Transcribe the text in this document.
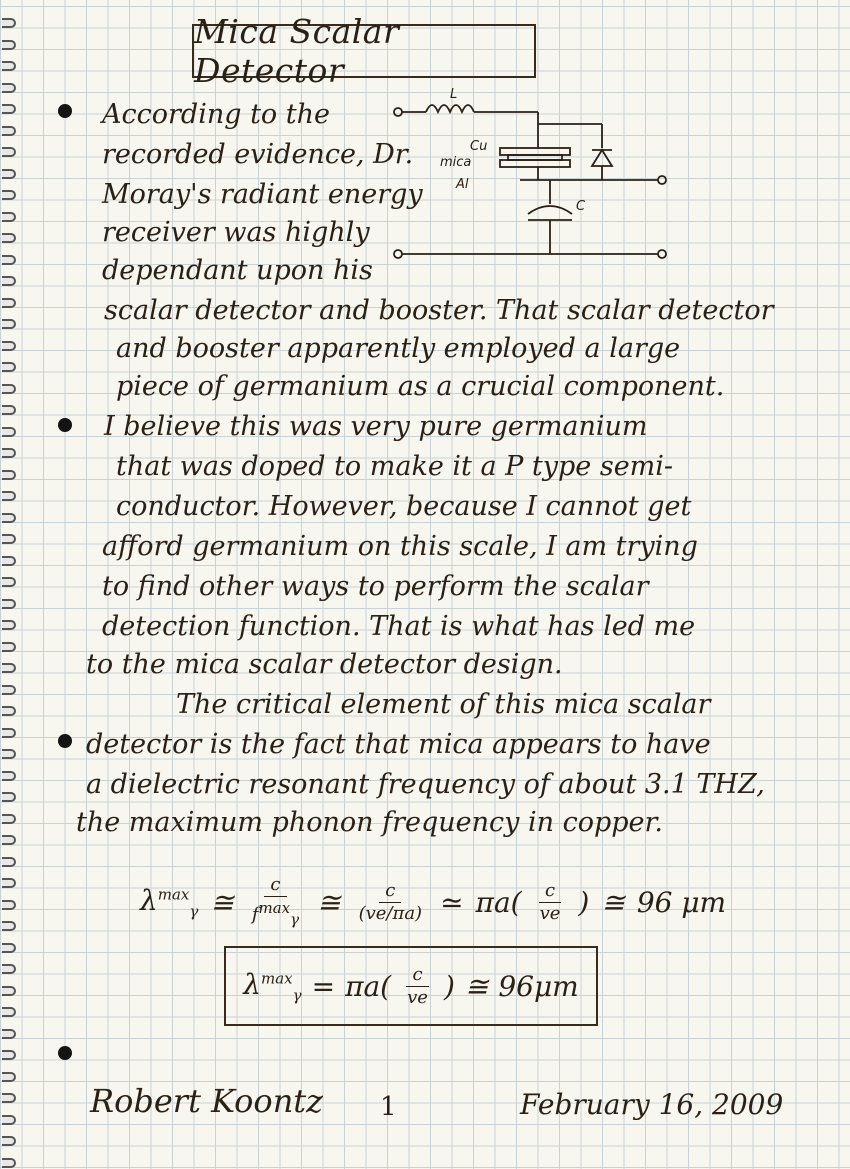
Mica Scalar Detector
According to the
recorded evidence, Dr.
Moray's radiant energy
receiver was highly
dependant upon his
scalar detector and booster. That scalar detector
and booster apparently employed a large
piece of germanium as a crucial component.
L
Cu
mica
Al
C
I believe this was very pure germanium
that was doped to make it a P type semi-
conductor. However, because I cannot get
afford germanium on this scale, I am trying
to find other ways to perform the scalar
detection function. That is what has led me
to the mica scalar detector design.
The critical element of this mica scalar
detector is the fact that mica appears to have
a dielectric resonant frequency of about 3.1 THZ,
the maximum phonon frequency in copper.
$\lambda^{max}_\gamma$ ≅ $\frac{c}{f^{max}_\gamma}$ ≅ $\frac{c}{(ve/\pi a)}$ ≃ $\pi a( \frac{c}{ve}$ ) ≅ 96 μm
$\lambda^{max}_\gamma = \pi a( \frac{c}{ve}$ ) ≅ 96μm
Robert Koontz 1	February 16, 2009
